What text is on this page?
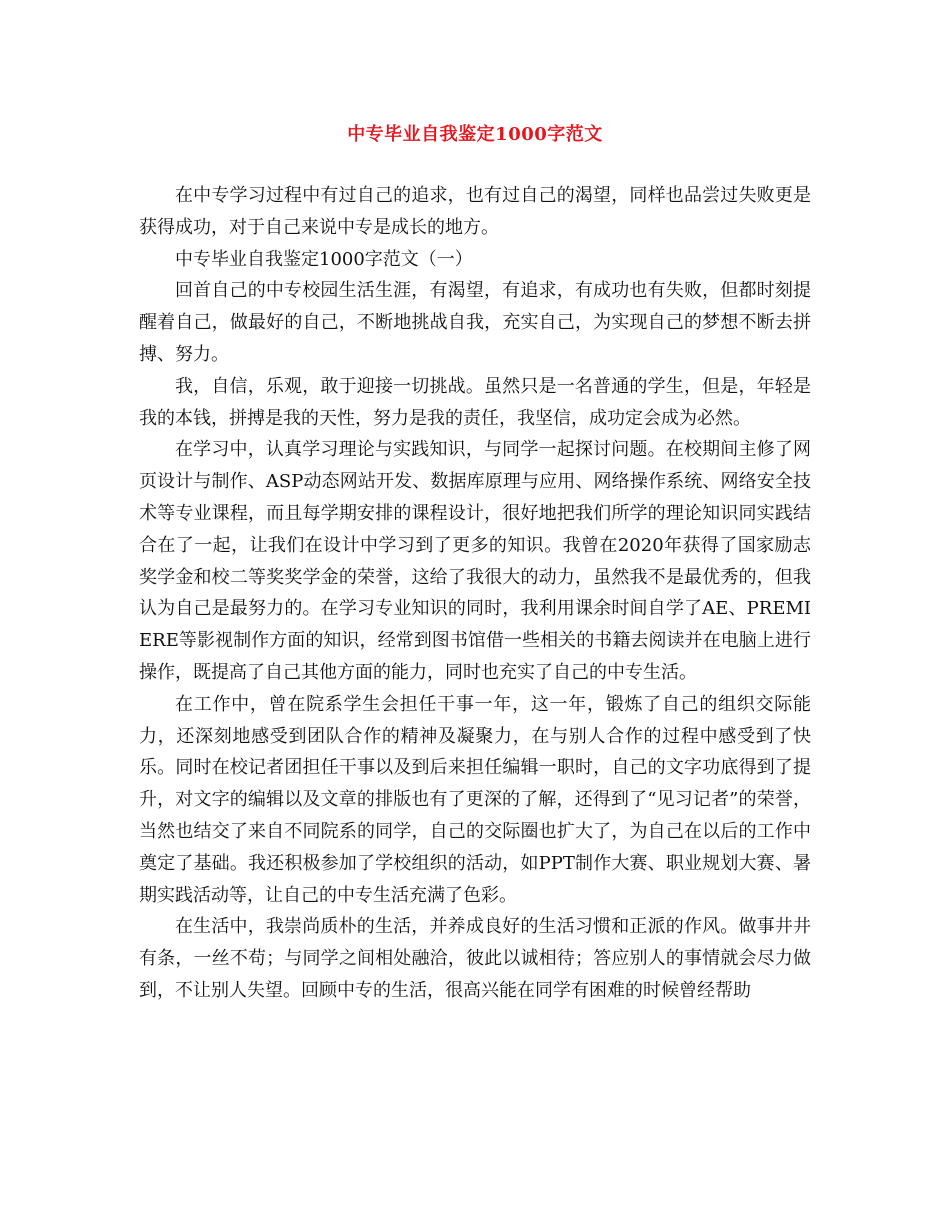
中专毕业自我鉴定1000字范文

在中专学习过程中有过自己的追求，也有过自己的渴望，同样也品尝过失败更是获得成功，对于自己来说中专是成长的地方。

中专毕业自我鉴定1000字范文（一）

回首自己的中专校园生活生涯，有渴望，有追求，有成功也有失败，但都时刻提醒着自己，做最好的自己，不断地挑战自我，充实自己，为实现自己的梦想不断去拼搏、努力。

我，自信，乐观，敢于迎接一切挑战。虽然只是一名普通的学生，但是，年轻是我的本钱，拼搏是我的天性，努力是我的责任，我坚信，成功定会成为必然。

在学习中，认真学习理论与实践知识，与同学一起探讨问题。在校期间主修了网页设计与制作、ASP动态网站开发、数据库原理与应用、网络操作系统、网络安全技术等专业课程，而且每学期安排的课程设计，很好地把我们所学的理论知识同实践结合在了一起，让我们在设计中学习到了更多的知识。我曾在2020年获得了国家励志奖学金和校二等奖奖学金的荣誉，这给了我很大的动力，虽然我不是最优秀的，但我认为自己是最努力的。在学习专业知识的同时，我利用课余时间自学了AE、PREMIERE等影视制作方面的知识，经常到图书馆借一些相关的书籍去阅读并在电脑上进行操作，既提高了自己其他方面的能力，同时也充实了自己的中专生活。

在工作中，曾在院系学生会担任干事一年，这一年，锻炼了自己的组织交际能力，还深刻地感受到团队合作的精神及凝聚力，在与别人合作的过程中感受到了快乐。同时在校记者团担任干事以及到后来担任编辑一职时，自己的文字功底得到了提升，对文字的编辑以及文章的排版也有了更深的了解，还得到了“见习记者”的荣誉，当然也结交了来自不同院系的同学，自己的交际圈也扩大了，为自己在以后的工作中奠定了基础。我还积极参加了学校组织的活动，如PPT制作大赛、职业规划大赛、暑期实践活动等，让自己的中专生活充满了色彩。

在生活中，我崇尚质朴的生活，并养成良好的生活习惯和正派的作风。做事井井有条，一丝不苟；与同学之间相处融洽，彼此以诚相待；答应别人的事情就会尽力做到，不让别人失望。回顾中专的生活，很高兴能在同学有困难的时候曾经帮助
